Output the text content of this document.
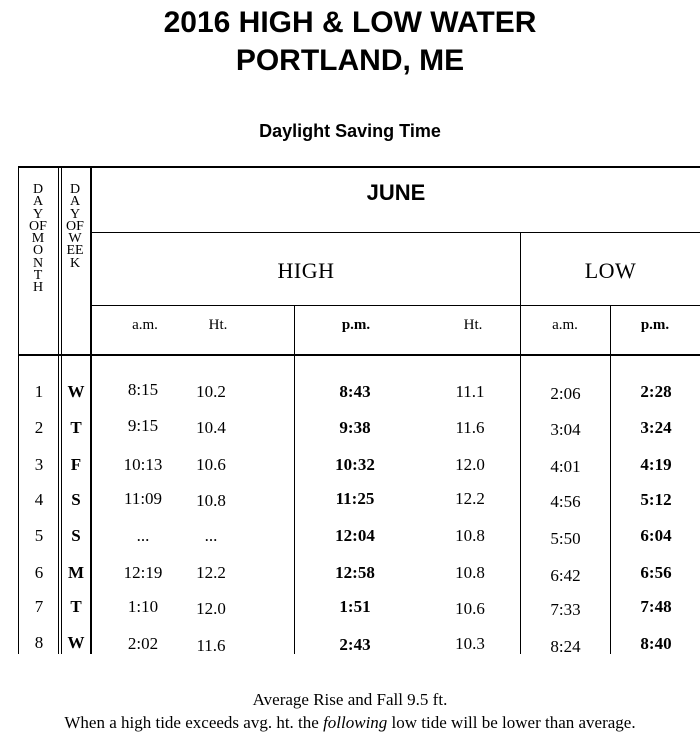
2016 HIGH & LOW WATER
PORTLAND, ME
Daylight Saving Time
DAYOFMONTH
DAYOFWEEK
JUNE
HIGH	LOW
a.m.	Ht.	p.m.	Ht.	a.m.	p.m.
1	W	8:15	10.2	8:43	11.1	2:06	2:28
2	T	9:15	10.4	9:38	11.6	3:04	3:24
3	F	10:13	10.6	10:32	12.0	4:01	4:19
4	S	11:09	10.8	11:25	12.2	4:56	5:12
5	S	...	...	12:04	10.8	5:50	6:04
6	M	12:19	12.2	12:58	10.8	6:42	6:56
7	T	1:10	12.0	1:51	10.6	7:33	7:48
8	W	2:02	11.6	2:43	10.3	8:24	8:40
Average Rise and Fall 9.5 ft.
When a high tide exceeds avg. ht. the following low tide will be lower than average.
